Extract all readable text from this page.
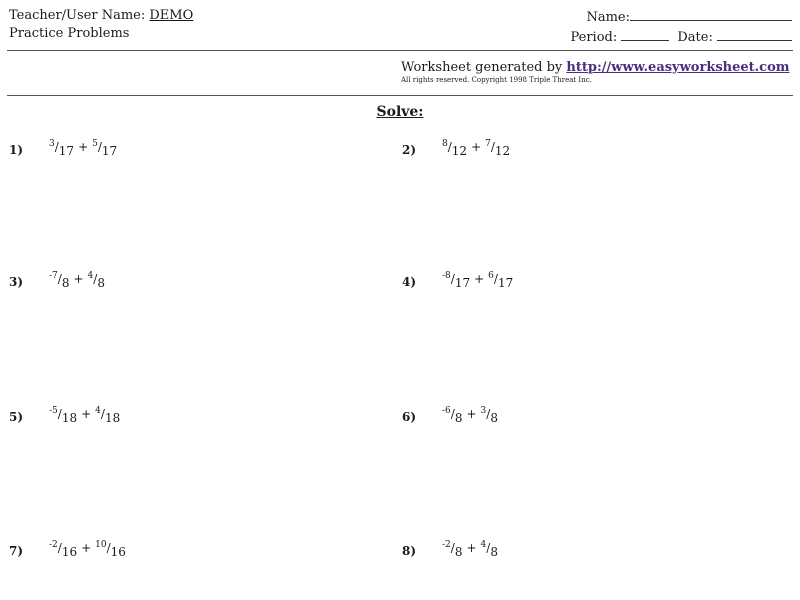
Teacher/User Name: DEMO
Practice Problems
Name:
Period:	Date:
Worksheet generated by http://www.easyworksheet.com
All rights reserved. Copyright 1998 Triple Threat Inc.
Solve:
1)	$^3$/17 + $^5$/17	2)	$^8$/12 + $^7$/12
3)	$^{-7}$/8 + $^4$/8	4)	$^{-8}$/17 + $^6$/17
5)	$^{-5}$/18 + $^4$/18	6)	$^{-6}$/8 + $^3$/8
7)	$^{-2}$/16 + $^{10}$/16	8)	$^{-2}$/8 + $^4$/8
